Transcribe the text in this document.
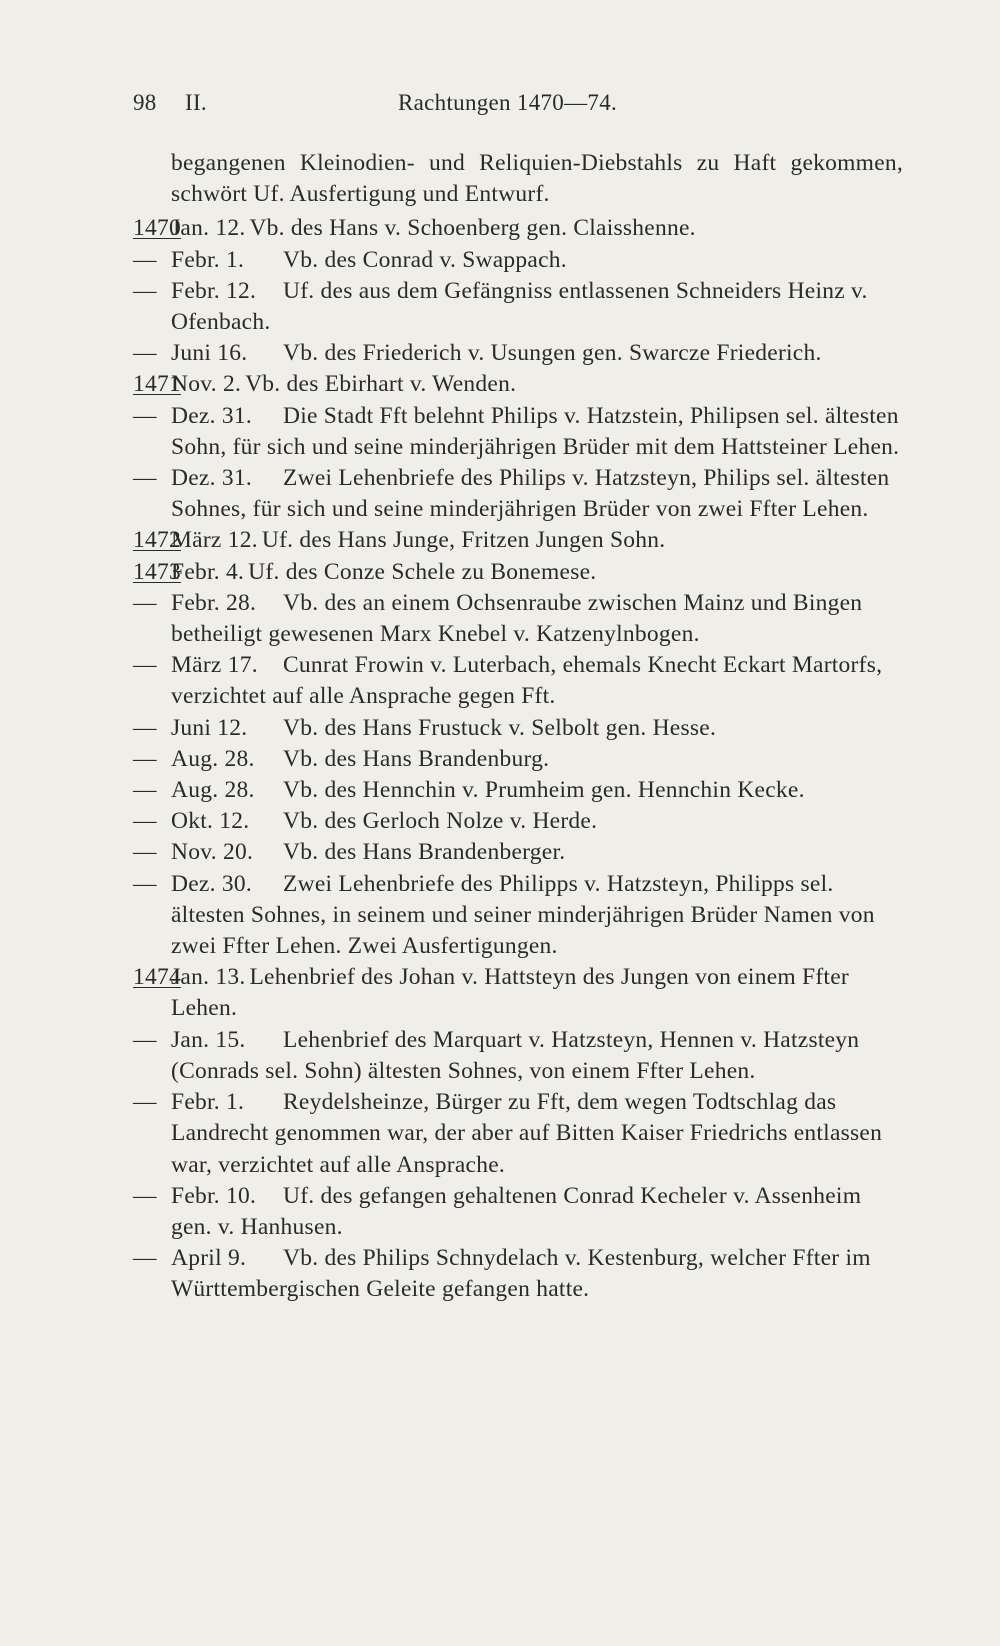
98 II.	Rachtungen 1470—74.

begangenen Kleinodien- und Reliquien-Diebstahls zu Haft gekommen, schwört Uf. Ausfertigung und Entwurf.

1470
Jan. 12. Vb. des Hans v. Schoenberg gen. Claisshenne.

— Febr. 1. Vb. des Conrad v. Swappach.

— Febr. 12. Uf. des aus dem Gefängniss entlassenen Schneiders Heinz v. Ofenbach.

— Juni 16. Vb. des Friederich v. Usungen gen. Swarcze Friederich.

1471
Nov. 2. Vb. des Ebirhart v. Wenden.

— Dez. 31. Die Stadt Fft belehnt Philips v. Hatzstein, Philipsen sel. ältesten Sohn, für sich und seine minderjährigen Brüder mit dem Hattsteiner Lehen.

— Dez. 31. Zwei Lehenbriefe des Philips v. Hatzsteyn, Philips sel. ältesten Sohnes, für sich und seine minderjährigen Brüder von zwei Ffter Lehen.

1472
März 12. Uf. des Hans Junge, Fritzen Jungen Sohn.

1473
Febr. 4. Uf. des Conze Schele zu Bonemese.

— Febr. 28. Vb. des an einem Ochsenraube zwischen Mainz und Bingen betheiligt gewesenen Marx Knebel v. Katzenylnbogen.

— März 17. Cunrat Frowin v. Luterbach, ehemals Knecht Eckart Martorfs, verzichtet auf alle Ansprache gegen Fft.

— Juni 12. Vb. des Hans Frustuck v. Selbolt gen. Hesse.

— Aug. 28. Vb. des Hans Brandenburg.

— Aug. 28. Vb. des Hennchin v. Prumheim gen. Hennchin Kecke.

— Okt. 12. Vb. des Gerloch Nolze v. Herde.

— Nov. 20. Vb. des Hans Brandenberger.

— Dez. 30. Zwei Lehenbriefe des Philipps v. Hatzsteyn, Philipps sel. ältesten Sohnes, in seinem und seiner minderjährigen Brüder Namen von zwei Ffter Lehen. Zwei Ausfertigungen.

1474
Jan. 13. Lehenbrief des Johan v. Hattsteyn des Jungen von einem Ffter Lehen.

— Jan. 15. Lehenbrief des Marquart v. Hatzsteyn, Hennen v. Hatzsteyn (Conrads sel. Sohn) ältesten Sohnes, von einem Ffter Lehen.

— Febr. 1. Reydelsheinze, Bürger zu Fft, dem wegen Todtschlag das Landrecht genommen war, der aber auf Bitten Kaiser Friedrichs entlassen war, verzichtet auf alle Ansprache.

— Febr. 10. Uf. des gefangen gehaltenen Conrad Kecheler v. Assenheim gen. v. Hanhusen.

— April 9. Vb. des Philips Schnydelach v. Kestenburg, welcher Ffter im Württembergischen Geleite gefangen hatte.
